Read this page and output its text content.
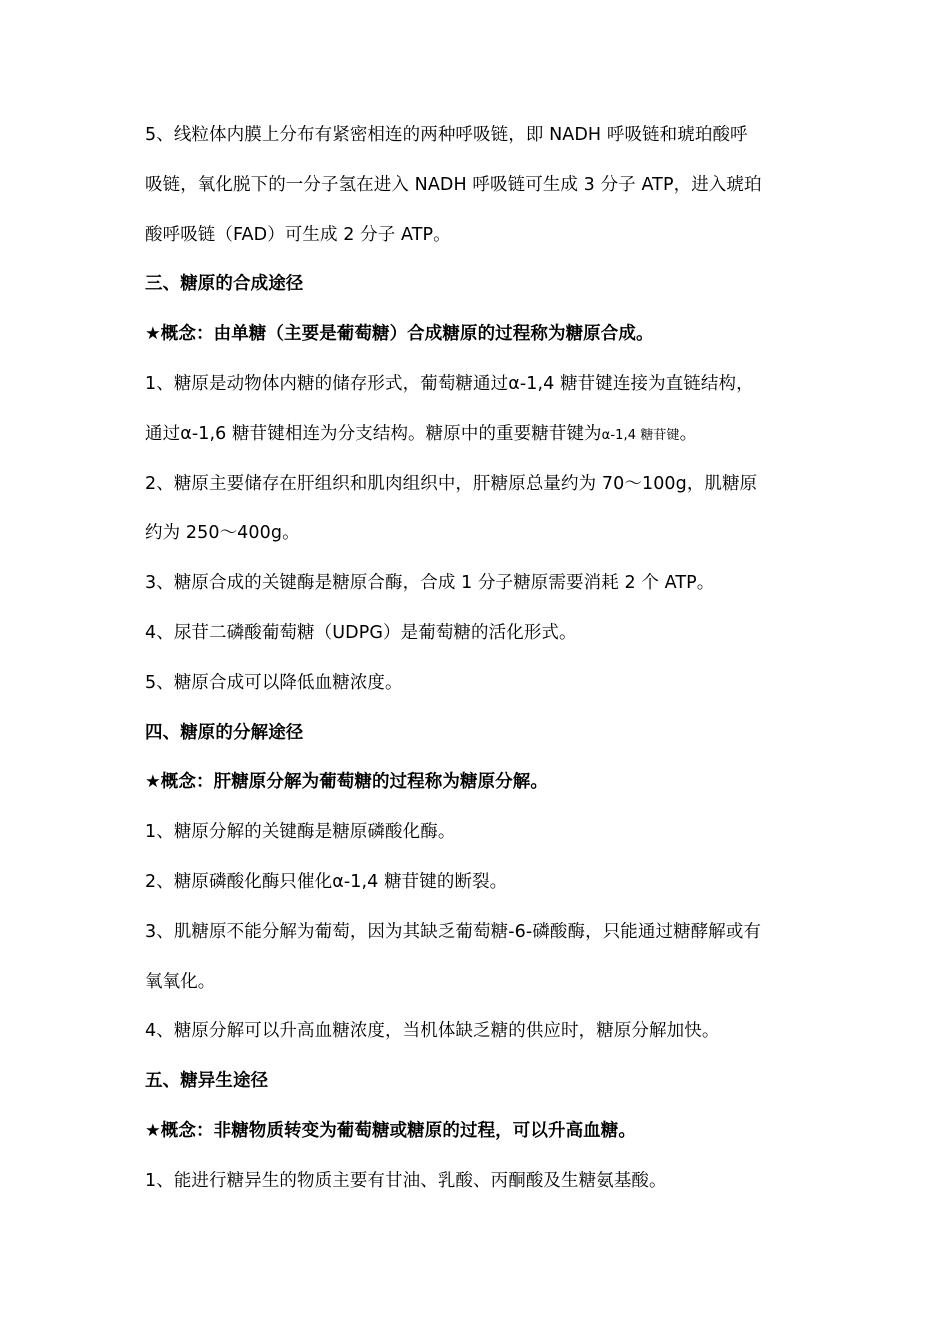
5、线粒体内膜上分布有紧密相连的两种呼吸链，即 NADH 呼吸链和琥珀酸呼
吸链，氧化脱下的一分子氢在进入 NADH 呼吸链可生成 3 分子 ATP，进入琥珀
酸呼吸链（FAD）可生成 2 分子 ATP。
三、糖原的合成途径
★概念：由单糖（主要是葡萄糖）合成糖原的过程称为糖原合成。
1、糖原是动物体内糖的储存形式，葡萄糖通过α-1,4 糖苷键连接为直链结构，
通过α-1,6 糖苷键相连为分支结构。糖原中的重要糖苷键为α-1,4 糖苷键。
2、糖原主要储存在肝组织和肌肉组织中，肝糖原总量约为 70～100g，肌糖原
约为 250～400g。
3、糖原合成的关键酶是糖原合酶，合成 1 分子糖原需要消耗 2 个 ATP。
4、尿苷二磷酸葡萄糖（UDPG）是葡萄糖的活化形式。
5、糖原合成可以降低血糖浓度。
四、糖原的分解途径
★概念：肝糖原分解为葡萄糖的过程称为糖原分解。
1、糖原分解的关键酶是糖原磷酸化酶。
2、糖原磷酸化酶只催化α-1,4 糖苷键的断裂。
3、肌糖原不能分解为葡萄，因为其缺乏葡萄糖-6-磷酸酶，只能通过糖酵解或有
氧氧化。
4、糖原分解可以升高血糖浓度，当机体缺乏糖的供应时，糖原分解加快。
五、糖异生途径
★概念：非糖物质转变为葡萄糖或糖原的过程，可以升高血糖。
1、能进行糖异生的物质主要有甘油、乳酸、丙酮酸及生糖氨基酸。
